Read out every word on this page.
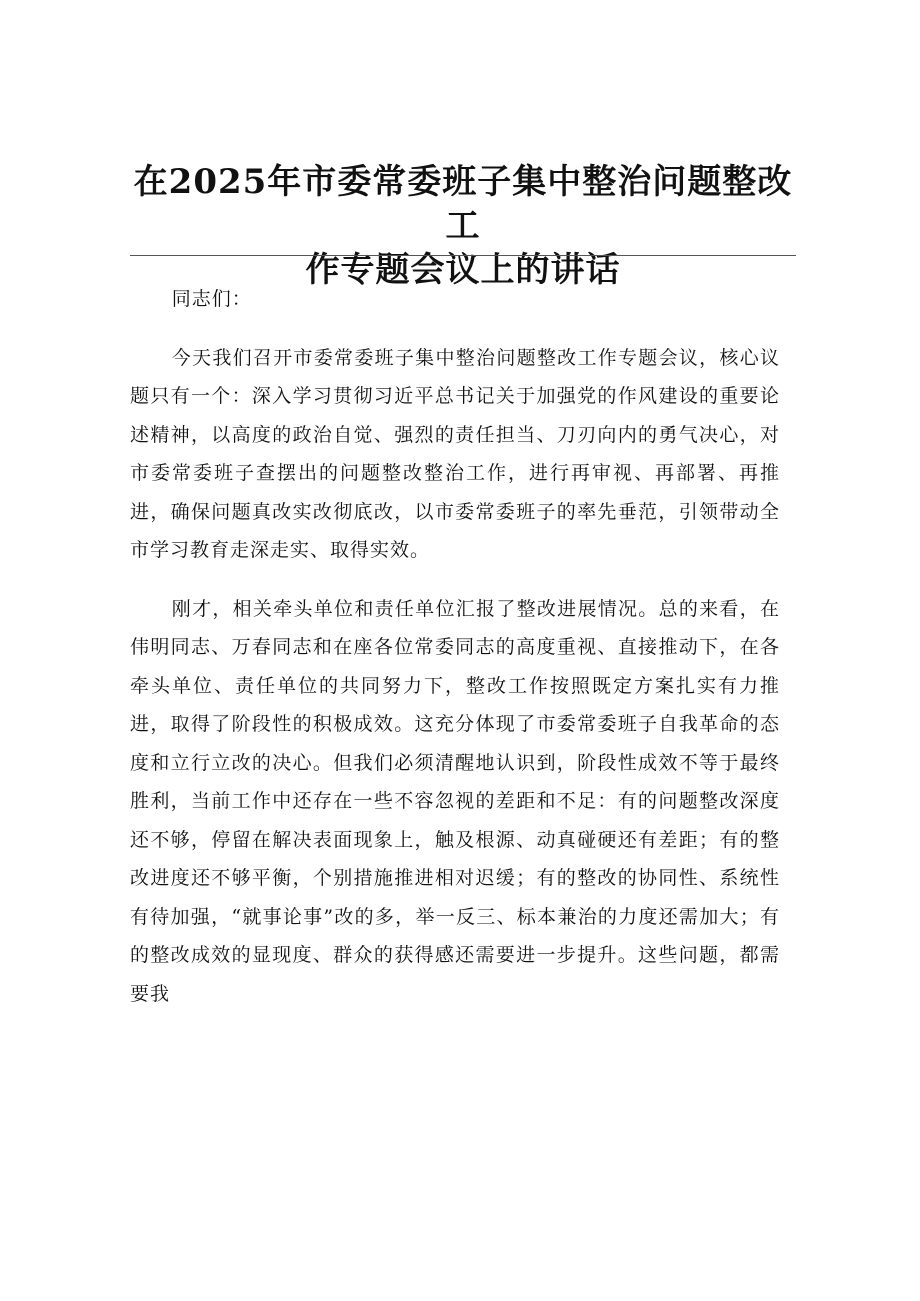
在2025年市委常委班子集中整治问题整改工
作专题会议上的讲话

同志们：

今天我们召开市委常委班子集中整治问题整改工作专题会议，核心议题只有一个：深入学习贯彻习近平总书记关于加强党的作风建设的重要论述精神，以高度的政治自觉、强烈的责任担当、刀刃向内的勇气决心，对市委常委班子查摆出的问题整改整治工作，进行再审视、再部署、再推进，确保问题真改实改彻底改，以市委常委班子的率先垂范，引领带动全市学习教育走深走实、取得实效。

刚才，相关牵头单位和责任单位汇报了整改进展情况。总的来看，在伟明同志、万春同志和在座各位常委同志的高度重视、直接推动下，在各牵头单位、责任单位的共同努力下，整改工作按照既定方案扎实有力推进，取得了阶段性的积极成效。这充分体现了市委常委班子自我革命的态度和立行立改的决心。但我们必须清醒地认识到，阶段性成效不等于最终胜利，当前工作中还存在一些不容忽视的差距和不足：有的问题整改深度还不够，停留在解决表面现象上，触及根源、动真碰硬还有差距；有的整改进度还不够平衡，个别措施推进相对迟缓；有的整改的协同性、系统性有待加强，“就事论事”改的多，举一反三、标本兼治的力度还需加大；有的整改成效的显现度、群众的获得感还需要进一步提升。这些问题，都需要我
